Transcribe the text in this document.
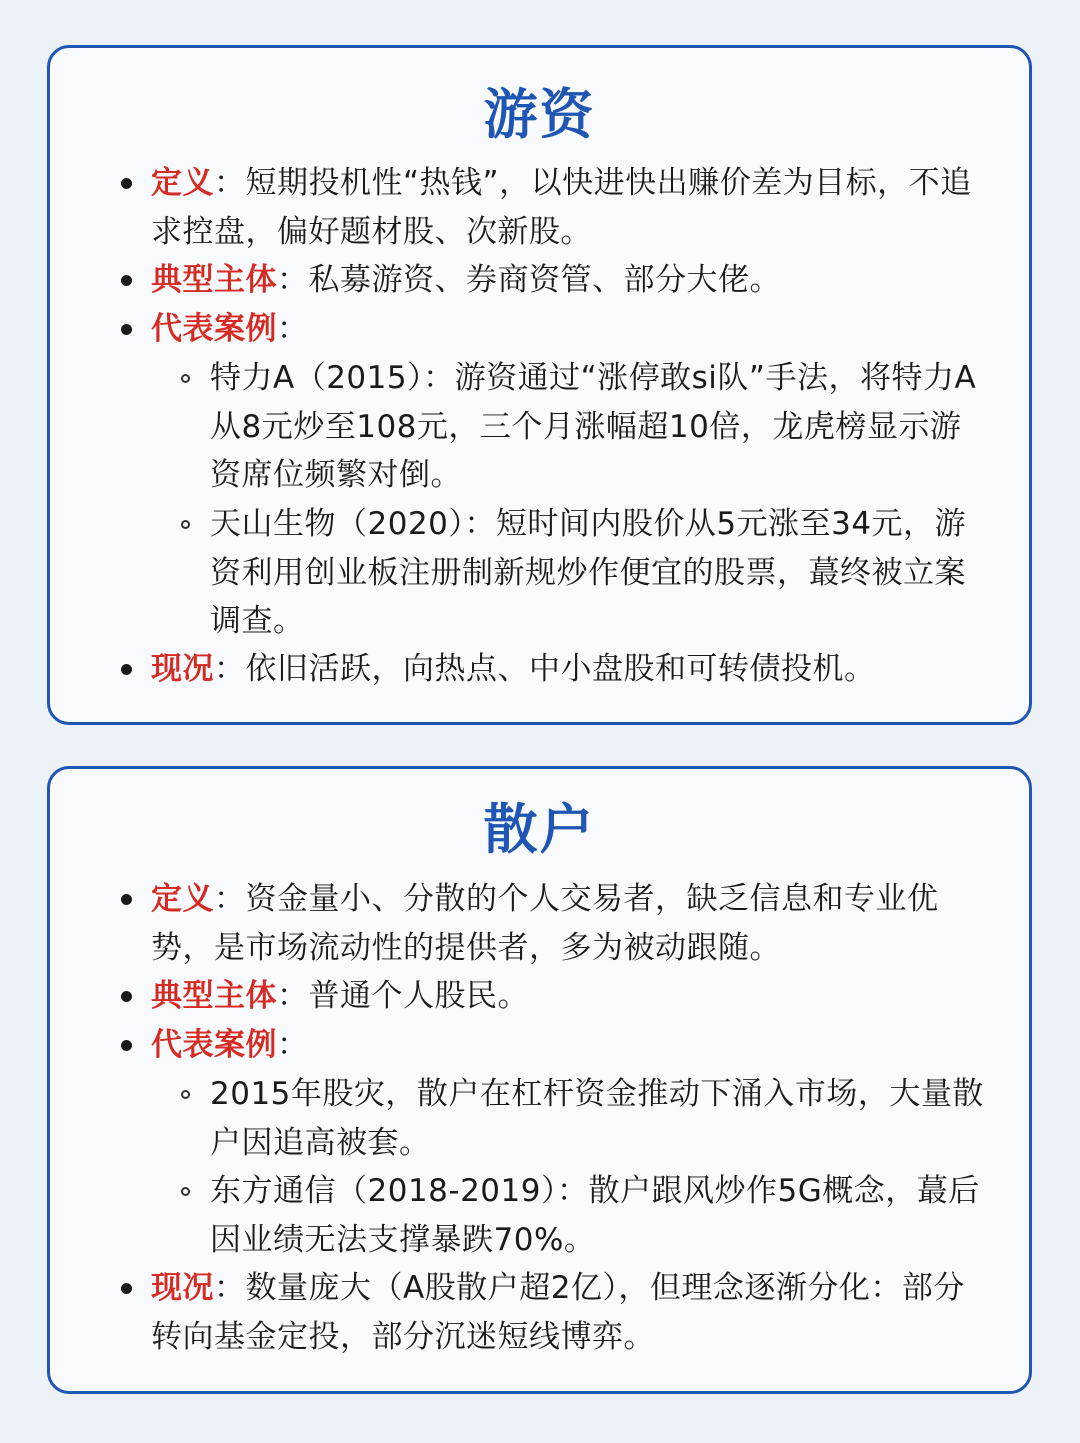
游资
定义：短期投机性“热钱”，以快进快出赚价差为目标，不追求控盘，偏好题材股、次新股。
典型主体：私募游资、券商资管、部分大佬。
代表案例：
特力A（2015）：游资通过“涨停敢si队”手法，将特力A从8元炒至108元，三个月涨幅超10倍，龙虎榜显示游资席位频繁对倒。
天山生物（2020）：短时间内股价从5元涨至34元，游资利用创业板注册制新规炒作便宜的股票，蕞终被立案调查。
现况：依旧活跃，向热点、中小盘股和可转债投机。
散户
定义：资金量小、分散的个人交易者，缺乏信息和专业优势，是市场流动性的提供者，多为被动跟随。
典型主体：普通个人股民。
代表案例：
2015年股灾，散户在杠杆资金推动下涌入市场，大量散户因追高被套。
东方通信（2018-2019）：散户跟风炒作5G概念，蕞后因业绩无法支撑暴跌70%。
现况：数量庞大（A股散户超2亿），但理念逐渐分化：部分转向基金定投，部分沉迷短线博弈。
